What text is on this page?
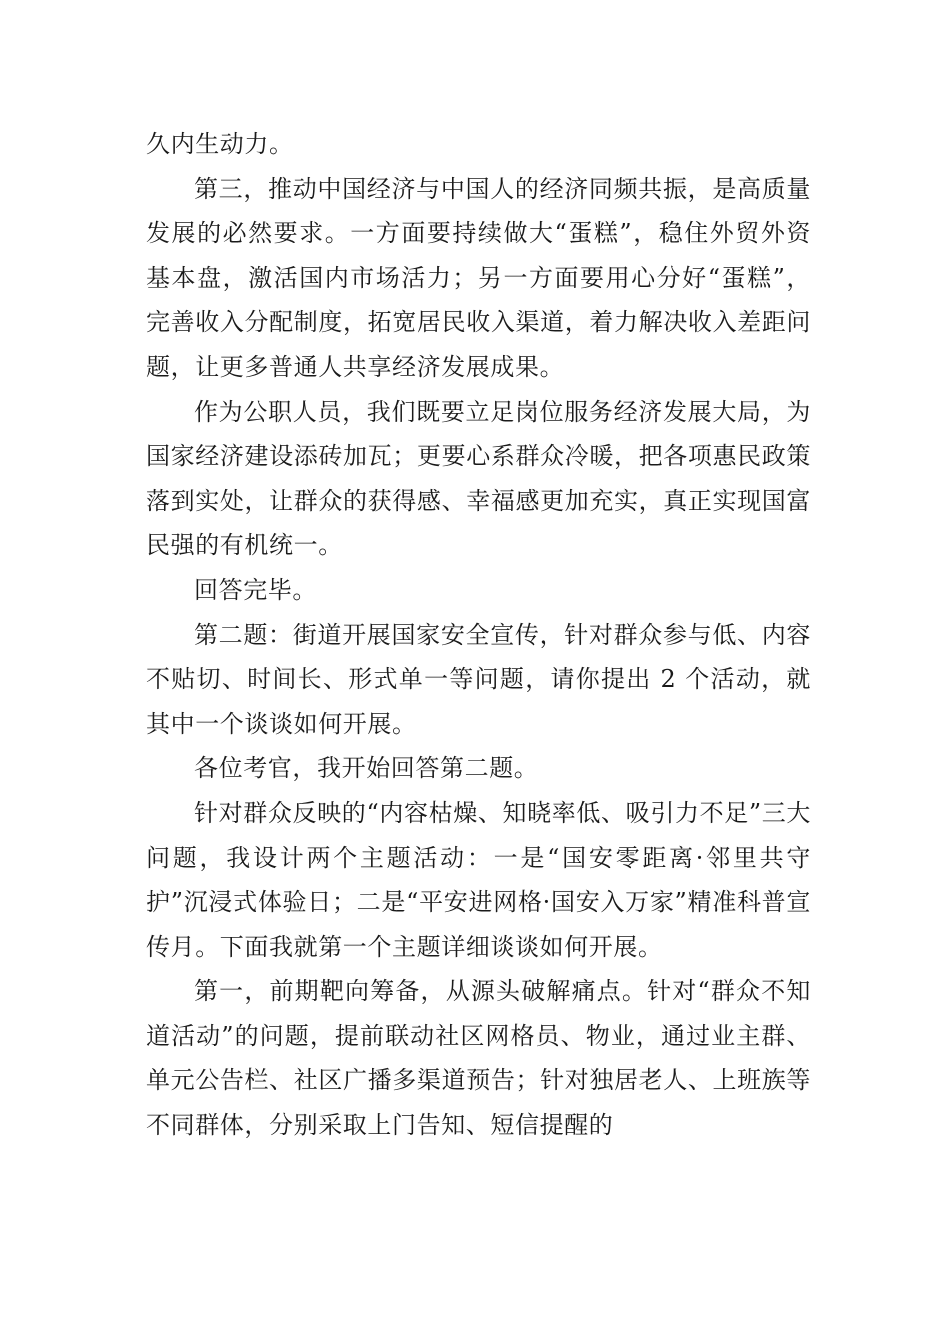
久内生动力。

第三，推动中国经济与中国人的经济同频共振，是高质量发展的必然要求。一方面要持续做大“蛋糕”，稳住外贸外资基本盘，激活国内市场活力；另一方面要用心分好“蛋糕”，完善收入分配制度，拓宽居民收入渠道，着力解决收入差距问题，让更多普通人共享经济发展成果。

作为公职人员，我们既要立足岗位服务经济发展大局，为国家经济建设添砖加瓦；更要心系群众冷暖，把各项惠民政策落到实处，让群众的获得感、幸福感更加充实，真正实现国富民强的有机统一。

回答完毕。

第二题：街道开展国家安全宣传，针对群众参与低、内容不贴切、时间长、形式单一等问题，请你提出 2 个活动，就其中一个谈谈如何开展。

各位考官，我开始回答第二题。

针对群众反映的“内容枯燥、知晓率低、吸引力不足”三大问题，我设计两个主题活动：一是“国安零距离·邻里共守护”沉浸式体验日；二是“平安进网格·国安入万家”精准科普宣传月。下面我就第一个主题详细谈谈如何开展。

第一，前期靶向筹备，从源头破解痛点。针对“群众不知道活动”的问题，提前联动社区网格员、物业，通过业主群、单元公告栏、社区广播多渠道预告；针对独居老人、上班族等不同群体，分别采取上门告知、短信提醒的
